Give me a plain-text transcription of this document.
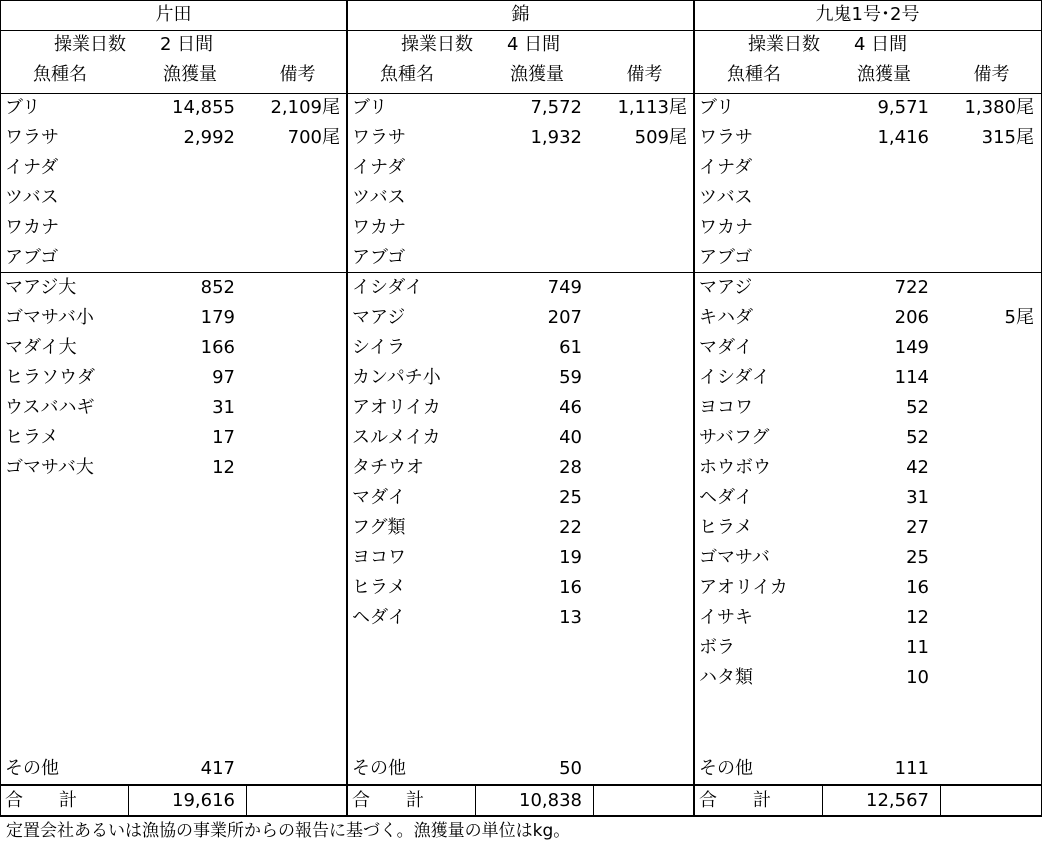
片田
操業日数	2 日間
魚種名	漁獲量	備考
ブリ	14,855	2,109尾
ワラサ	2,992	700尾
イナダ
ツバス
ワカナ
アブゴ
マアジ大	852
ゴマサバ小	179
マダイ大	166
ヒラソウダ	97
ウスバハギ	31
ヒラメ	17
ゴマサバ大	12
その他	417
合　　計	19,616
錦
操業日数	4 日間
魚種名	漁獲量	備考
ブリ	7,572	1,113尾
ワラサ	1,932	509尾
イナダ
ツバス
ワカナ
アブゴ
イシダイ	749
マアジ	207
シイラ	61
カンパチ小	59
アオリイカ	46
スルメイカ	40
タチウオ	28
マダイ	25
フグ類	22
ヨコワ	19
ヒラメ	16
ヘダイ	13
その他	50
合　　計	10,838
九鬼1号･2号
操業日数	4 日間
魚種名	漁獲量	備考
ブリ	9,571	1,380尾
ワラサ	1,416	315尾
イナダ
ツバス
ワカナ
アブゴ
マアジ	722
キハダ	206	5尾
マダイ	149
イシダイ	114
ヨコワ	52
サバフグ	52
ホウボウ	42
ヘダイ	31
ヒラメ	27
ゴマサバ	25
アオリイカ	16
イサキ	12
ボラ	11
ハタ類	10
その他	111
合　　計	12,567
定置会社あるいは漁協の事業所からの報告に基づく。漁獲量の単位はkg。
